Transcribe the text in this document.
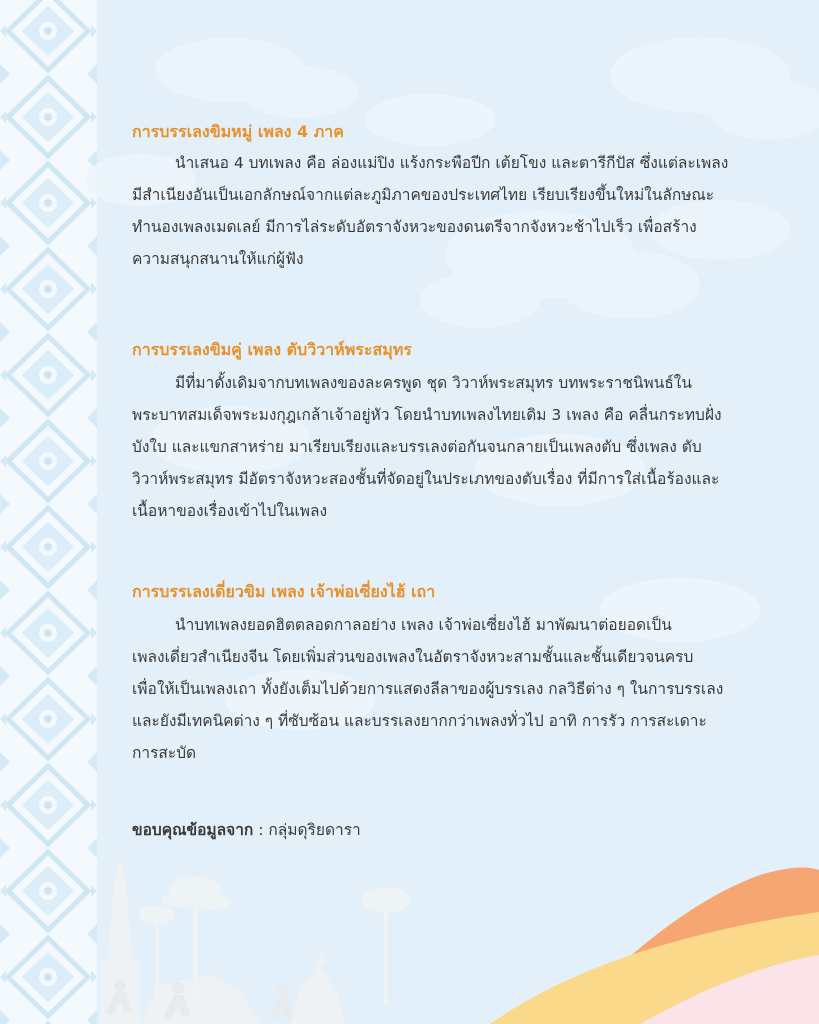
การบรรเลงขิมหมู่ เพลง 4 ภาค

นำเสนอ 4 บทเพลง คือ ล่องแม่ปิง แร้งกระพือปีก เต้ยโขง และตารีกีปัส ซึ่งแต่ละเพลง
มีสำเนียงอันเป็นเอกลักษณ์จากแต่ละภูมิภาคของประเทศไทย เรียบเรียงขึ้นใหม่ในลักษณะ
ทำนองเพลงเมดเลย์ มีการไล่ระดับอัตราจังหวะของดนตรีจากจังหวะช้าไปเร็ว เพื่อสร้าง
ความสนุกสนานให้แก่ผู้ฟัง

การบรรเลงขิมคู่ เพลง ตับวิวาห์พระสมุทร

มีที่มาดั้งเดิมจากบทเพลงของละครพูด ชุด วิวาห์พระสมุทร บทพระราชนิพนธ์ใน
พระบาทสมเด็จพระมงกุฎเกล้าเจ้าอยู่หัว โดยนำบทเพลงไทยเดิม 3 เพลง คือ คลื่นกระทบฝั่ง
บังใบ และแขกสาหร่าย มาเรียบเรียงและบรรเลงต่อกันจนกลายเป็นเพลงตับ ซึ่งเพลง ตับ
วิวาห์พระสมุทร มีอัตราจังหวะสองชั้นที่จัดอยู่ในประเภทของตับเรื่อง ที่มีการใส่เนื้อร้องและ
เนื้อหาของเรื่องเข้าไปในเพลง

การบรรเลงเดี่ยวขิม เพลง เจ้าพ่อเซี่ยงไฮ้ เถา

นำบทเพลงยอดฮิตตลอดกาลอย่าง เพลง เจ้าพ่อเซี่ยงไฮ้ มาพัฒนาต่อยอดเป็น
เพลงเดี่ยวสำเนียงจีน โดยเพิ่มส่วนของเพลงในอัตราจังหวะสามชั้นและชั้นเดียวจนครบ
เพื่อให้เป็นเพลงเถา ทั้งยังเต็มไปด้วยการแสดงลีลาของผู้บรรเลง กลวิธีต่าง ๆ ในการบรรเลง
และยังมีเทคนิคต่าง ๆ ที่ซับซ้อน และบรรเลงยากกว่าเพลงทั่วไป อาทิ การรัว การสะเดาะ
การสะบัด

ขอบคุณข้อมูลจาก : กลุ่มดุริยดารา
